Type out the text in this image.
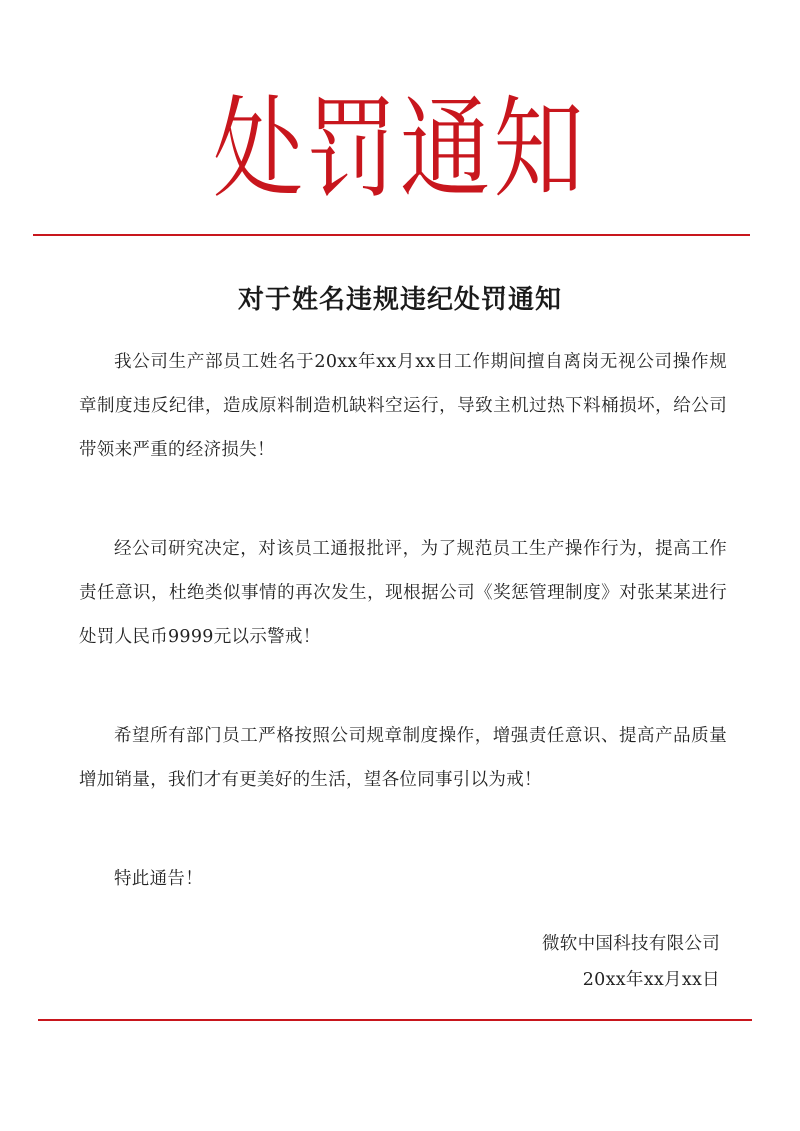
处罚通知
对于姓名违规违纪处罚通知

我公司生产部员工姓名于20xx年xx月xx日工作期间擅自离岗无视公司操作规章制度违反纪律，造成原料制造机缺料空运行，导致主机过热下料桶损坏，给公司带领来严重的经济损失！

经公司研究决定，对该员工通报批评，为了规范员工生产操作行为，提高工作责任意识，杜绝类似事情的再次发生，现根据公司《奖惩管理制度》对张某某进行处罚人民币9999元以示警戒！

希望所有部门员工严格按照公司规章制度操作，增强责任意识、提高产品质量增加销量，我们才有更美好的生活，望各位同事引以为戒！

特此通告！

微软中国科技有限公司
20xx年xx月xx日
